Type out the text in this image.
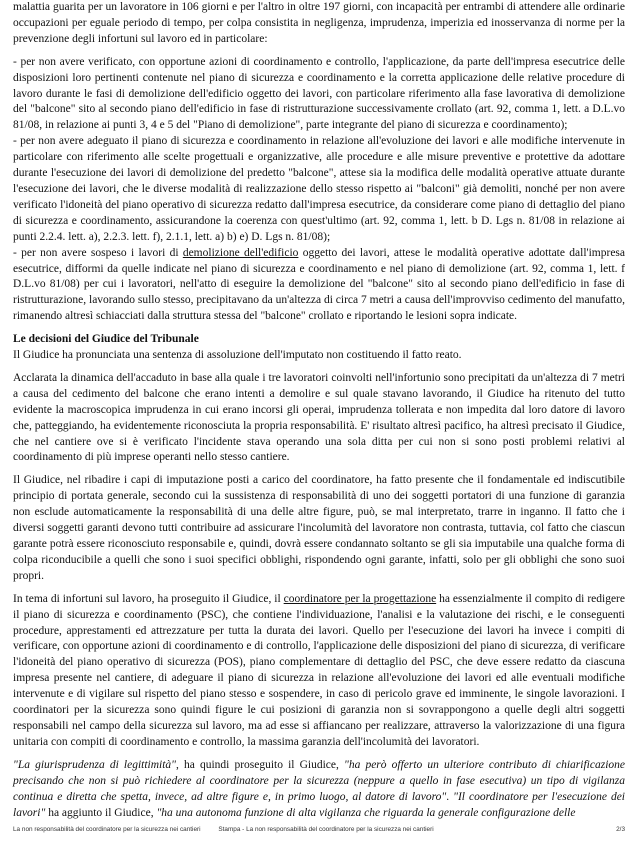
malattia guarita per un lavoratore in 106 giorni e per l'altro in oltre 197 giorni, con incapacità per entrambi di attendere alle ordinarie occupazioni per eguale periodo di tempo, per colpa consistita in negligenza, imprudenza, imperizia ed inosservanza di norme per la prevenzione degli infortuni sul lavoro ed in particolare:

- per non avere verificato, con opportune azioni di coordinamento e controllo, l'applicazione, da parte dell'impresa esecutrice delle disposizioni loro pertinenti contenute nel piano di sicurezza e coordinamento e la corretta applicazione delle relative procedure di lavoro durante le fasi di demolizione dell'edificio oggetto dei lavori, con particolare riferimento alla fase lavorativa di demolizione del "balcone" sito al secondo piano dell'edificio in fase di ristrutturazione successivamente crollato (art. 92, comma 1, lett. a D.L.vo 81/08, in relazione ai punti 3, 4 e 5 del "Piano di demolizione", parte integrante del piano di sicurezza e coordinamento);

- per non avere adeguato il piano di sicurezza e coordinamento in relazione all'evoluzione dei lavori e alle modifiche intervenute in particolare con riferimento alle scelte progettuali e organizzative, alle procedure e alle misure preventive e protettive da adottare durante l'esecuzione dei lavori di demolizione del predetto "balcone", attese sia la modifica delle modalità operative attuate durante l'esecuzione dei lavori, che le diverse modalità di realizzazione dello stesso rispetto ai "balconi" già demoliti, nonché per non avere verificato l'idoneità del piano operativo di sicurezza redatto dall'impresa esecutrice, da considerare come piano di dettaglio del piano di sicurezza e coordinamento, assicurandone la coerenza con quest'ultimo (art. 92, comma 1, lett. b D. Lgs n. 81/08 in relazione ai punti 2.2.4. lett. a), 2.2.3. lett. f), 2.1.1, lett. a) b) e) D. Lgs n. 81/08);

- per non avere sospeso i lavori di demolizione dell'edificio oggetto dei lavori, attese le modalità operative adottate dall'impresa esecutrice, difformi da quelle indicate nel piano di sicurezza e coordinamento e nel piano di demolizione (art. 92, comma 1, lett. f D.L.vo 81/08) per cui i lavoratori, nell'atto di eseguire la demolizione del "balcone" sito al secondo piano dell'edificio in fase di ristrutturazione, lavorando sullo stesso, precipitavano da un'altezza di circa 7 metri a causa dell'improvviso cedimento del manufatto, rimanendo altresì schiacciati dalla struttura stessa del "balcone" crollato e riportando le lesioni sopra indicate.

Le decisioni del Giudice del Tribunale

Il Giudice ha pronunciata una sentenza di assoluzione dell'imputato non costituendo il fatto reato.

Acclarata la dinamica dell'accaduto in base alla quale i tre lavoratori coinvolti nell'infortunio sono precipitati da un'altezza di 7 metri a causa del cedimento del balcone che erano intenti a demolire e sul quale stavano lavorando, il Giudice ha ritenuto del tutto evidente la macroscopica imprudenza in cui erano incorsi gli operai, imprudenza tollerata e non impedita dal loro datore di lavoro che, patteggiando, ha evidentemente riconosciuta la propria responsabilità. E' risultato altresì pacifico, ha altresì precisato il Giudice, che nel cantiere ove si è verificato l'incidente stava operando una sola ditta per cui non si sono posti problemi relativi al coordinamento di più imprese operanti nello stesso cantiere.

Il Giudice, nel ribadire i capi di imputazione posti a carico del coordinatore, ha fatto presente che il fondamentale ed indiscutibile principio di portata generale, secondo cui la sussistenza di responsabilità di uno dei soggetti portatori di una funzione di garanzia non esclude automaticamente la responsabilità di una delle altre figure, può, se mal interpretato, trarre in inganno. Il fatto che i diversi soggetti garanti devono tutti contribuire ad assicurare l'incolumità del lavoratore non contrasta, tuttavia, col fatto che ciascun garante potrà essere riconosciuto responsabile e, quindi, dovrà essere condannato soltanto se gli sia imputabile una qualche forma di colpa riconducibile a quelli che sono i suoi specifici obblighi, rispondendo ogni garante, infatti, solo per gli obblighi che sono suoi propri.

In tema di infortuni sul lavoro, ha proseguito il Giudice, il coordinatore per la progettazione ha essenzialmente il compito di redigere il piano di sicurezza e coordinamento (PSC), che contiene l'individuazione, l'analisi e la valutazione dei rischi, e le conseguenti procedure, apprestamenti ed attrezzature per tutta la durata dei lavori. Quello per l'esecuzione dei lavori ha invece i compiti di verificare, con opportune azioni di coordinamento e di controllo, l'applicazione delle disposizioni del piano di sicurezza, di verificare l'idoneità del piano operativo di sicurezza (POS), piano complementare di dettaglio del PSC, che deve essere redatto da ciascuna impresa presente nel cantiere, di adeguare il piano di sicurezza in relazione all'evoluzione dei lavori ed alle eventuali modifiche intervenute e di vigilare sul rispetto del piano stesso e sospendere, in caso di pericolo grave ed imminente, le singole lavorazioni. I coordinatori per la sicurezza sono quindi figure le cui posizioni di garanzia non si sovrappongono a quelle degli altri soggetti responsabili nel campo della sicurezza sul lavoro, ma ad esse si affiancano per realizzare, attraverso la valorizzazione di una figura unitaria con compiti di coordinamento e controllo, la massima garanzia dell'incolumità dei lavoratori.

"La giurisprudenza di legittimità", ha quindi proseguito il Giudice, "ha però offerto un ulteriore contributo di chiarificazione precisando che non si può richiedere al coordinatore per la sicurezza (neppure a quello in fase esecutiva) un tipo di vigilanza continua e diretta che spetta, invece, ad altre figure e, in primo luogo, al datore di lavoro". "Il coordinatore per l'esecuzione dei lavori" ha aggiunto il Giudice, "ha una autonoma funzione di alta vigilanza che riguarda la generale configurazione delle

La non responsabilità del coordinatore per la sicurezza nei cantieri	Stampa - La non responsabilità del coordinatore per la sicurezza nei cantieri	2/3
